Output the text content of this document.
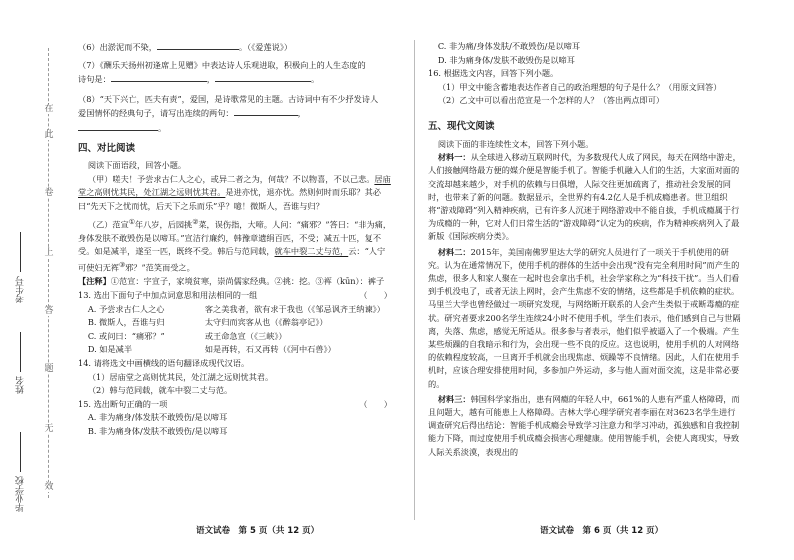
在
此
卷
上
答
题
无
效
考生号
姓名
毕业学校

（6）出淤泥而不染，	。（《爱莲说》）

（7）《酬乐天扬州初逢席上见赠》中表达诗人乐观进取，积极向上的人生态度的

诗句是：	，	。

（8）“天下兴亡，匹夫有责”，爱国，是诗歌常见的主题。古诗词中有不少抒发诗人

爱国情怀的经典句子，请写出连续的两句：	，

。

四、对比阅读

阅读下面语段，回答小题。

（甲）嗟夫！予尝求古仁人之心，或异二者之为，何哉？不以物喜，不以己悲。居庙堂之高则忧其民，处江湖之远则忧其君。是进亦忧，退亦忧。然则何时而乐耶？其必曰“先天下之忧而忧，后天下之乐而乐”乎？噫！微斯人，吾谁与归？

（乙）范宣①年八岁，后园挑②菜，误伤指，大啼。人问：“痛邪？”答曰：“非为痛，身体发肤不敢毁伤是以啼耳。”宣洁行廉约，韩豫章遗绢百匹，不受；减五十匹，复不受。如是减半，遂至一匹，既终不受。韩后与范同载，就车中裂二丈与范，云：“人宁可使妇无裈③邪？”范笑而受之。

【注释】①范宣：字宣子，家境贫寒，崇尚儒家经典。②挑：挖。③裈（kūn）：裤子

13. 选出下面句子中加点词意思和用法相同的一组	（　　）

A. 予尝求古仁人之心	客之美我者，欲有求于我也（《邹忌讽齐王纳谏》）

B. 微斯人，吾谁与归	太守归而宾客从也（《醉翁亭记》）

C. 或问曰：“痛邪？”	或王命急宣（《三峡》）

D. 如是减半	如是再转，石又再转（《河中石兽》）

14. 请将选文中画横线的语句翻译成现代汉语。

（1）居庙堂之高则忧其民，处江湖之远则忧其君。

（2）韩与范同载，就车中裂二丈与范。

15. 选出断句正确的一项	（　　）

A. 非为痛身/体发肤不敢毁伤/是以啼耳

B. 非为痛身体/发肤不敢毁伤/是以啼耳

C. 非为痛/身体发肤/不敢毁伤/是以啼耳

D. 非为痛身体/发肤不敢毁伤是以啼耳

16. 根据选文内容，回答下列小题。

（1）甲文中能含蓄地表达作者自己的政治理想的句子是什么？（用原文回答）

（2）乙文中可以看出范宣是一个怎样的人？（答出两点即可）

五、现代文阅读

阅读下面的非连续性文本，回答下列小题。

材料一：从全球进入移动互联网时代，为多数现代人成了网民，每天在网络中游走，人们接触网络最方便的媒介便是智能手机了。智能手机融入人们的生活，大家面对面的交流却越来越少，对手机的依赖与日俱增，人际交往更加疏离了，推动社会发展的同时，也带来了新的问题。数据显示，全世界约有4.2亿人是手机成瘾患者。世卫组织将“游戏障碍”列入精神疾病，已有许多人沉迷于网络游戏中不能自拔，手机成瘾属于行为成瘾的一种，它对人们日常生活的“游戏障碍”认定为的疾病，作为精神疾病列入了最新版《国际疾病分类》。

材料二：2015年，美国南佛罗里达大学的研究人员进行了一项关于手机使用的研究。认为在通常情况下，使用手机的群体的生活中会出现“没有完全利用时间”而产生的焦虑，很多人和家人聚在一起时也会拿出手机，社会学家称之为“科技干扰”。当人们看到手机没电了，或者无法上网时，会产生焦虑不安的情绪，这些都是手机依赖的症状。马里兰大学也曾经做过一项研究发现，与网络断开联系的人会产生类似于戒断毒瘾的症状。研究者要求200名学生连续24小时不使用手机，学生们表示，他们感到自己与世隔离，失落、焦虑，感觉无所适从。很多参与者表示，他们似乎被逼入了一个极端。产生某些烦躁的自我暗示和行为，会出现一些不良的反应。这也说明，使用手机的人对网络的依赖程度较高，一旦离开手机就会出现焦虑、烦躁等不良情绪。因此，人们在使用手机时，应该合理安排使用时间，多参加户外运动，多与他人面对面交流，这是非常必要的。

材料三：韩国科学家指出，患有网瘾的年轻人中，661%的人患有严重人格障碍，而且问题大，越有可能患上人格障碍。吉林大学心理学研究者李丽在对3623名学生进行调查研究后得出结论：智能手机成瘾会导致学习注意力和学习冲动，孤独感和自我控制能力下降，而过度使用手机成瘾会损害心理健康。使用智能手机，会使人离现实，导致人际关系淡漠，表现出的

语文试卷　第 5 页（共 12 页）	语文试卷　第 6 页（共 12 页）
